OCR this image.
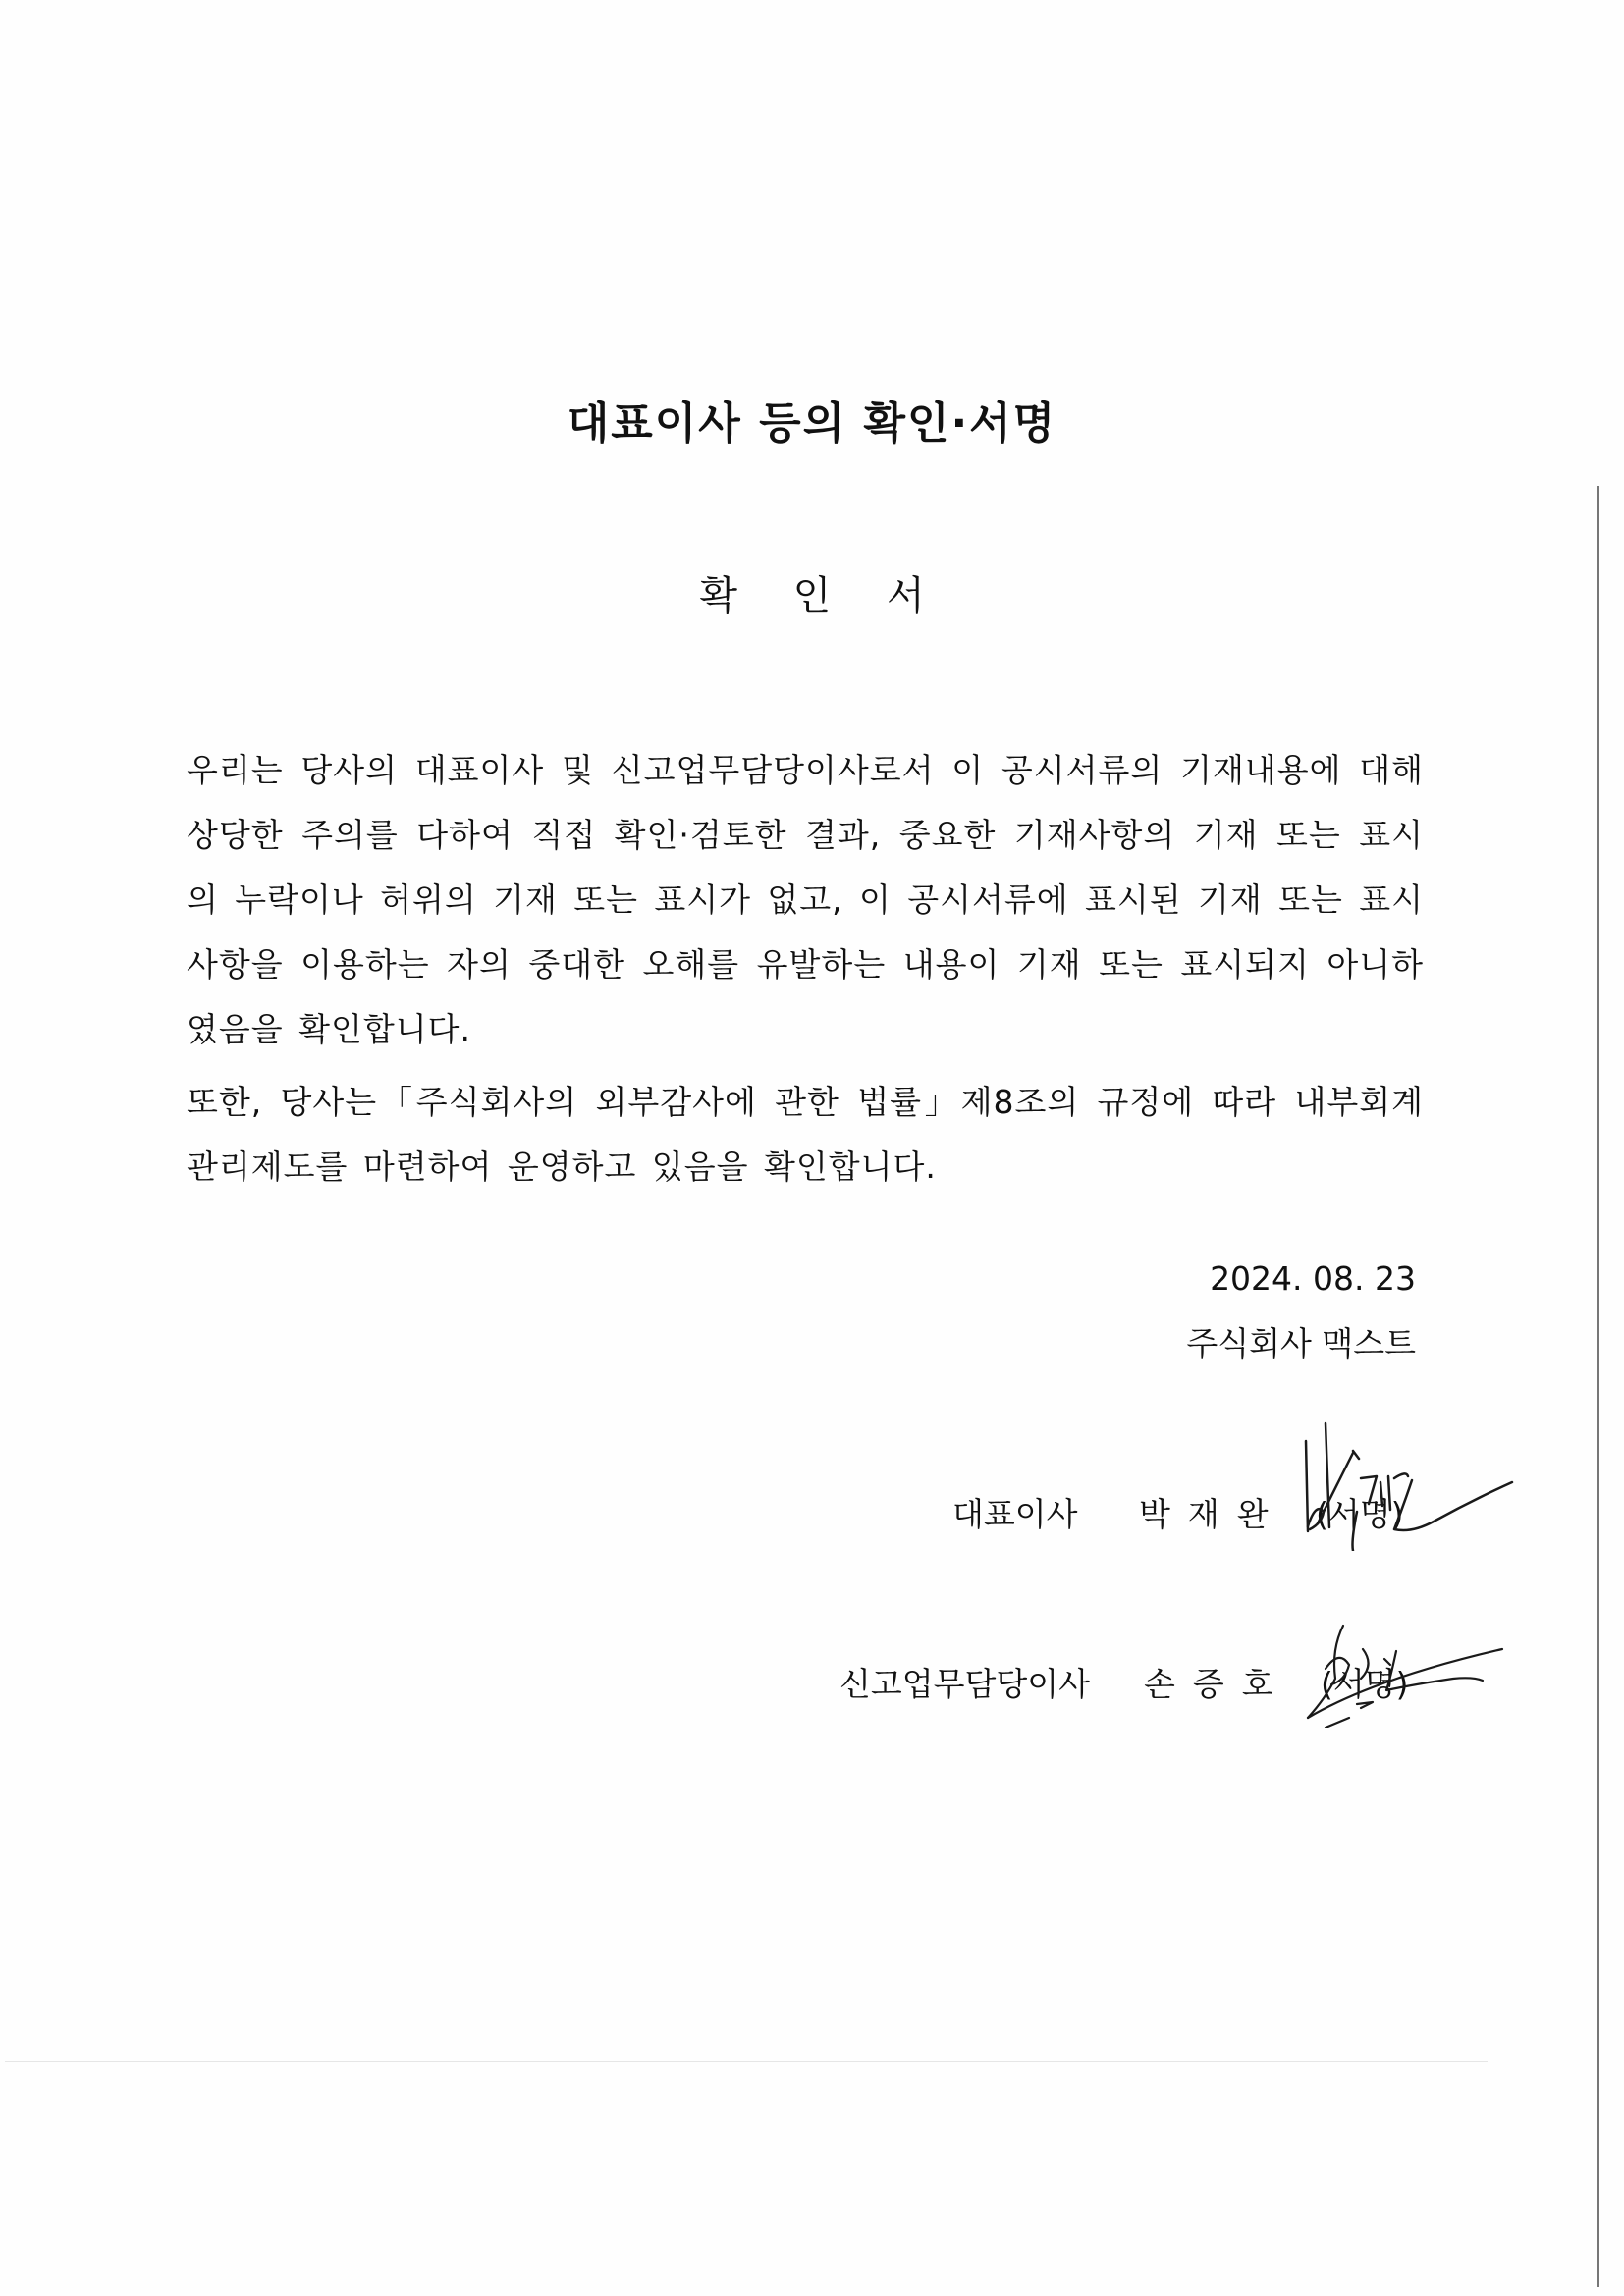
대표이사 등의 확인·서명
확 인 서
우리는 당사의 대표이사 및 신고업무담당이사로서 이 공시서류의 기재내용에 대해 상당한 주의를 다하여 직접 확인·검토한 결과, 중요한 기재사항의 기재 또는 표시의 누락이나 허위의 기재 또는 표시가 없고, 이 공시서류에 표시된 기재 또는 표시사항을 이용하는 자의 중대한 오해를 유발하는 내용이 기재 또는 표시되지 아니하였음을 확인합니다.
또한, 당사는「주식회사의 외부감사에 관한 법률」제8조의 규정에 따라 내부회계관리제도를 마련하여 운영하고 있음을 확인합니다.
2024. 08. 23
주식회사 맥스트
대표이사 박재완 (서명)
신고업무담당이사 손증호 (서명)
